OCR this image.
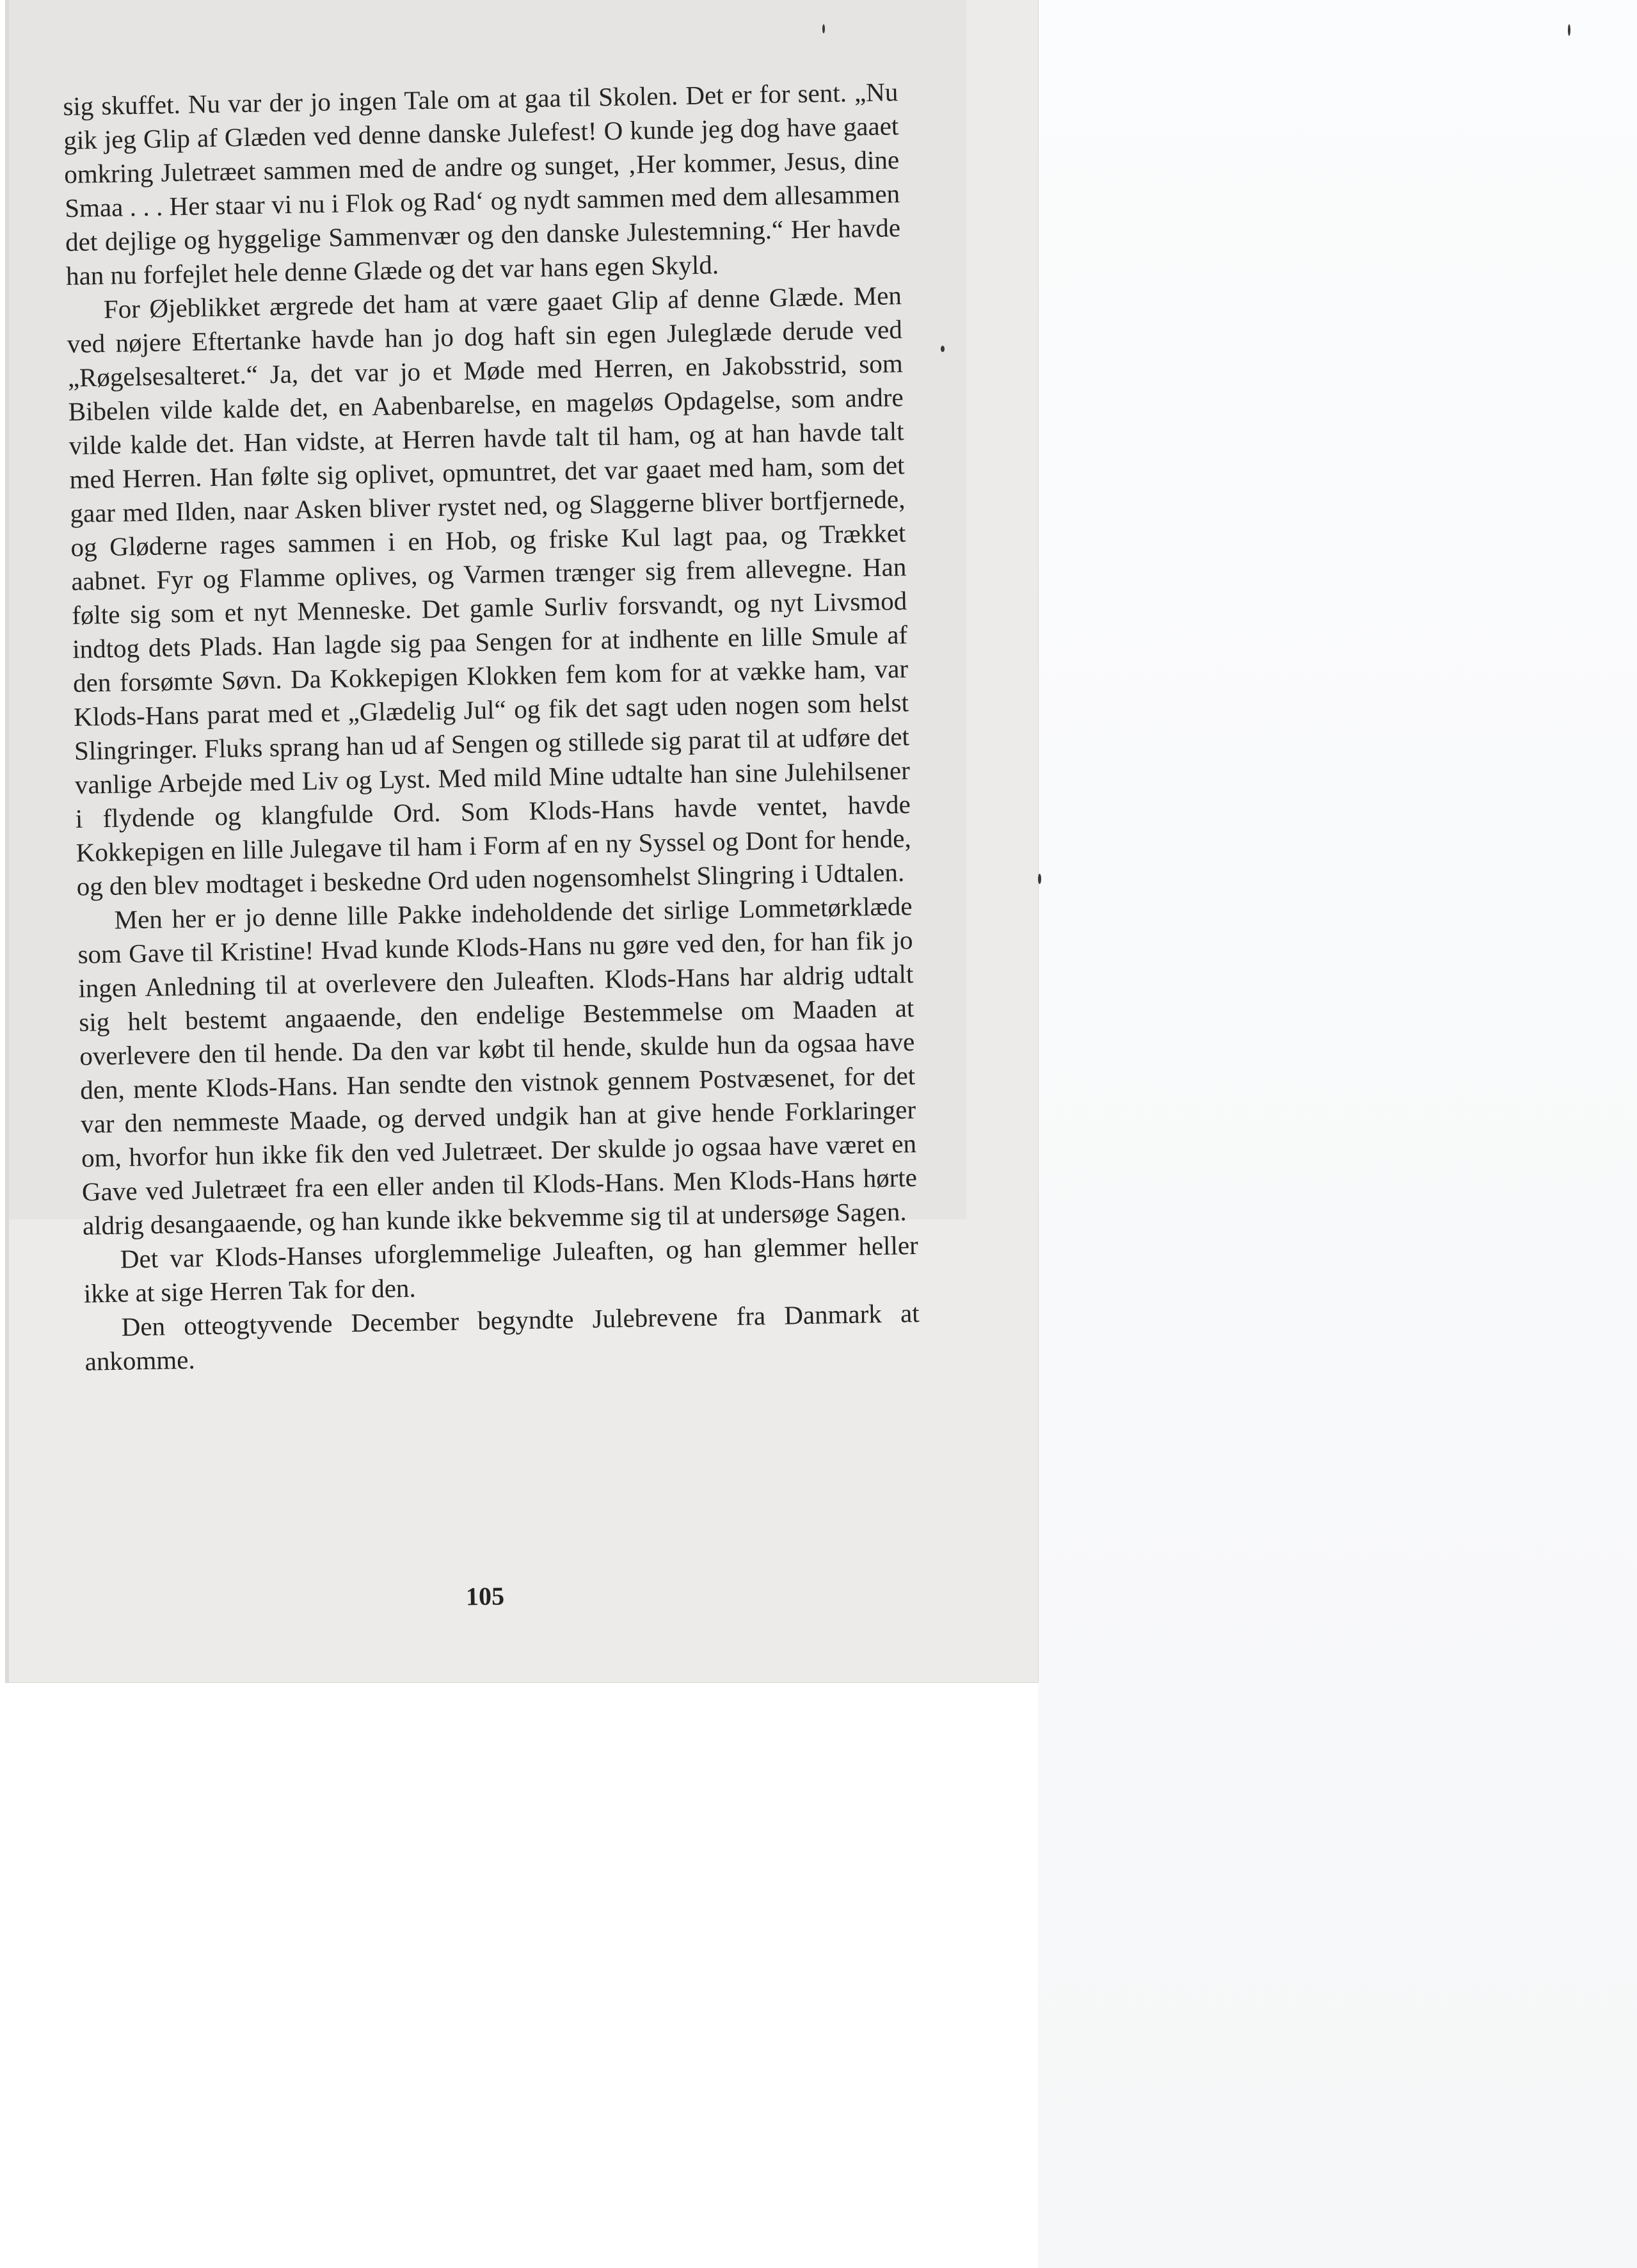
sig skuffet. Nu var der jo ingen Tale om at gaa til Skolen. Det er for sent. „Nu gik jeg Glip af Glæden ved denne danske Julefest! O kunde jeg dog have gaaet omkring Juletræet sammen med de andre og sunget, ‚Her kommer, Jesus, dine Smaa . . . Her staar vi nu i Flok og Rad‘ og nydt sammen med dem allesammen det dejlige og hyggelige Sammenvær og den danske Julestemning.“ Her havde han nu forfejlet hele denne Glæde og det var hans egen Skyld.

For Øjeblikket ærgrede det ham at være gaaet Glip af denne Glæde. Men ved nøjere Eftertanke havde han jo dog haft sin egen Julеglæde derude ved „Røgelsesalteret.“ Ja, det var jo et Møde med Herren, en Jakobsstrid, som Bibelen vilde kalde det, en Aabenbarelse, en mageløs Opdagelse, som andre vilde kalde det. Han vidste, at Herren havde talt til ham, og at han havde talt med Herren. Han følte sig oplivet, opmuntret, det var gaaet med ham, som det gaar med Ilden, naar Asken bliver rystet ned, og Slaggerne bliver bortfjernede, og Gløderne rages sammen i en Hob, og friske Kul lagt paa, og Trækket aabnet. Fyr og Flamme oplives, og Varmen trænger sig frem allevegne. Han følte sig som et nyt Menneske. Det gamle Surliv forsvandt, og nyt Livsmod indtog dets Plads. Han lagde sig paa Sengen for at indhente en lille Smule af den forsømte Søvn. Da Kokkepigen Klokken fem kom for at vække ham, var Klods-Hans parat med et „Glædelig Jul“ og fik det sagt uden nogen som helst Slingringer. Fluks sprang han ud af Sengen og stillede sig parat til at udføre det vanlige Arbejde med Liv og Lyst. Med mild Mine udtalte han sine Julehilsener i flydende og klangfulde Ord. Som Klods-Hans havde ventet, havde Kokkepigen en lille Julegave til ham i Form af en ny Syssel og Dont for hende, og den blev modtaget i beskedne Ord uden nogensomhelst Slingring i Udtalen.

Men her er jo denne lille Pakke indeholdende det sirlige Lommetørklæde som Gave til Kristine! Hvad kunde Klods-Hans nu gøre ved den, for han fik jo ingen Anledning til at overlevere den Juleaften. Klods-Hans har aldrig udtalt sig helt bestemt angaaende, den endelige Bestemmelse om Maaden at overlevere den til hende. Da den var købt til hende, skulde hun da ogsaa have den, mente Klods-Hans. Han sendte den vistnok gennem Postvæsenet, for det var den nemmeste Maade, og derved undgik han at give hende Forklaringer om, hvorfor hun ikke fik den ved Juletræet. Der skulde jo ogsaa have været en Gave ved Juletræet fra een eller anden til Klods-Hans. Men Klods-Hans hørte aldrig desangaaende, og han kunde ikke bekvemme sig til at undersøge Sagen.

Det var Klods-Hanses uforglemmelige Juleaften, og han glemmer heller ikke at sige Herren Tak for den.

Den otteogtyvende December begyndte Julebrevene fra Danmark at ankomme.

105
